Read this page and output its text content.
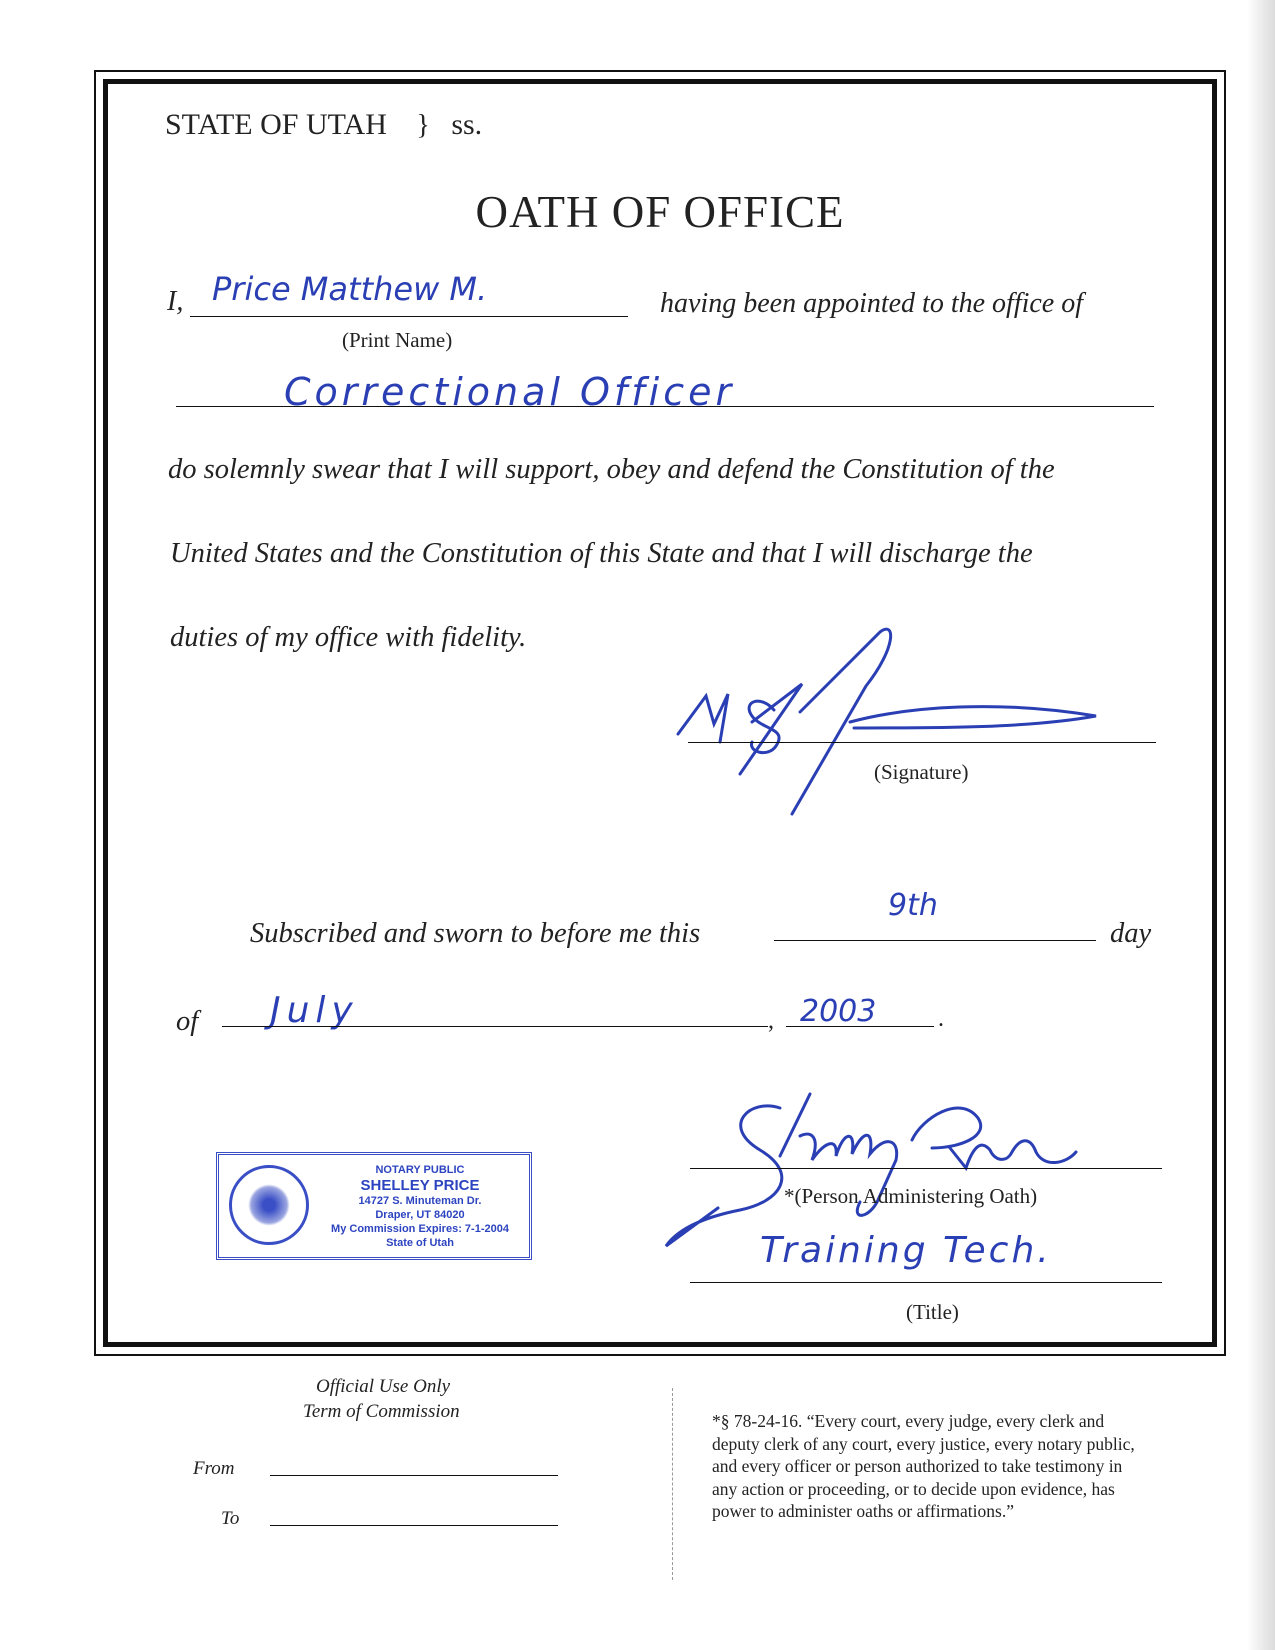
STATE OF UTAH } ss.
OATH OF OFFICE
I, Price Matthew M.
(Print Name)
having been appointed to the office of
Correctional Officer
do solemnly swear that I will support, obey and defend the Constitution of the
United States and the Constitution of this State and that I will discharge the
duties of my office with fidelity.
(Signature)
Subscribed and sworn to before me this
9th
day
of July	, 2003	.
NOTARY PUBLIC
SHELLEY PRICE
14727 S. Minuteman Dr.
Draper, UT 84020
My Commission Expires: 7-1-2004
State of Utah
*(Person Administering Oath)
Training Tech.
(Title)
Official Use Only
Term of Commission
From
To
*§ 78-24-16. “Every court, every judge, every clerk and
deputy clerk of any court, every justice, every notary public,
and every officer or person authorized to take testimony in
any action or proceeding, or to decide upon evidence, has
power to administer oaths or affirmations.”
